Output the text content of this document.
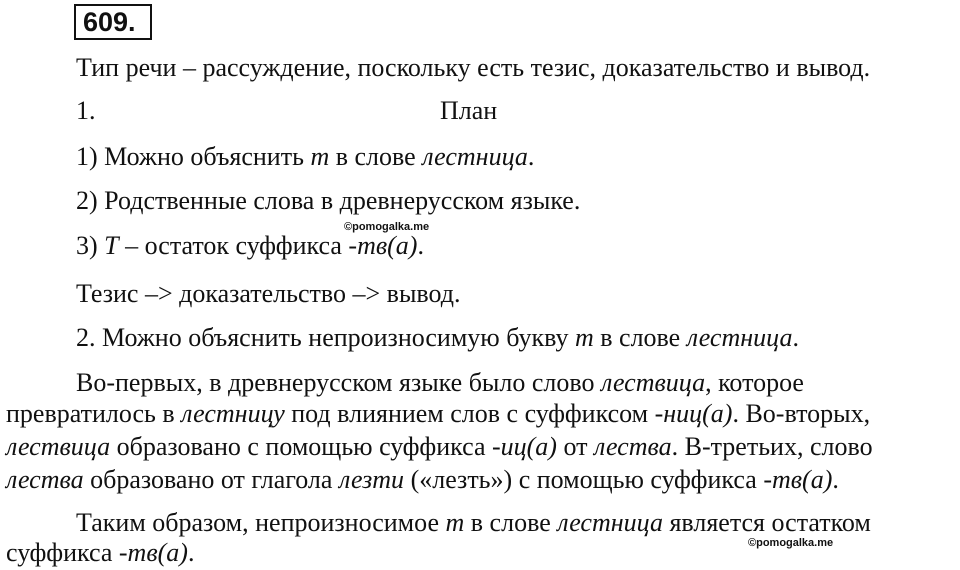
609.
Тип речи – рассуждение, поскольку есть тезис, доказательство и вывод.
1.	План
1) Можно объяснить т в слове лестница.
2) Родственные слова в древнерусском языке.
©pomogalka.me
3) Т – остаток суффикса -тв(а).
Тезис –> доказательство –> вывод.
2. Можно объяснить непроизносимую букву т в слове лестница.
Во-первых, в древнерусском языке было слово лествица, которое
превратилось в лестницу под влиянием слов с суффиксом -ниц(а). Во-вторых,
лествица образовано с помощью суффикса -иц(а) от лества. В-третьих, слово
лества образовано от глагола лезти («лезть») с помощью суффикса -тв(а).
Таким образом, непроизносимое т в слове лестница является остатком
©pomogalka.me
суффикса -тв(а).
